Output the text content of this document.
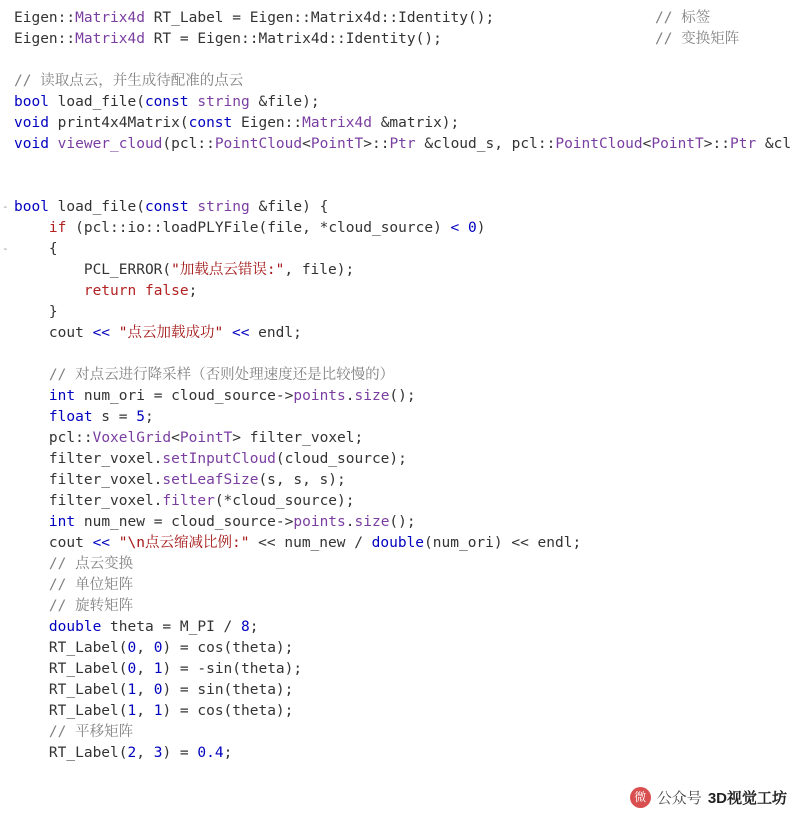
Eigen::Matrix4d RT_Label = Eigen::Matrix4d::Identity();
Eigen::Matrix4d RT = Eigen::Matrix4d::Identity();

// 读取点云，并生成待配准的点云
bool load_file(const string &file);
void print4x4Matrix(const Eigen::Matrix4d &matrix);
void viewer_cloud(pcl::PointCloud<PointT>::Ptr &cloud_s, pcl::PointCloud<PointT>::Ptr &cl

- bool load_file(const string &file) {
if (pcl::io::loadPLYFile(file, *cloud_source) < 0)
-	{
PCL_ERROR("加载点云错误:", file);
return false;
}
cout << "点云加载成功" << endl;

// 对点云进行降采样（否则处理速度还是比较慢的）
int num_ori = cloud_source->points.size();
float s = 5;
pcl::VoxelGrid<PointT> filter_voxel;
filter_voxel.setInputCloud(cloud_source);
filter_voxel.setLeafSize(s, s, s);
filter_voxel.filter(*cloud_source);
int num_new = cloud_source->points.size();
cout << "\n点云缩减比例:" << num_new / double(num_ori) << endl;
// 点云变换
// 单位矩阵
// 旋转矩阵
double theta = M_PI / 8;
RT_Label(0, 0) = cos(theta);
RT_Label(0, 1) = -sin(theta);
RT_Label(1, 0) = sin(theta);
RT_Label(1, 1) = cos(theta);
// 平移矩阵
RT_Label(2, 3) = 0.4;
// 标签
// 变换矩阵
微 公众号 3D视觉工坊
